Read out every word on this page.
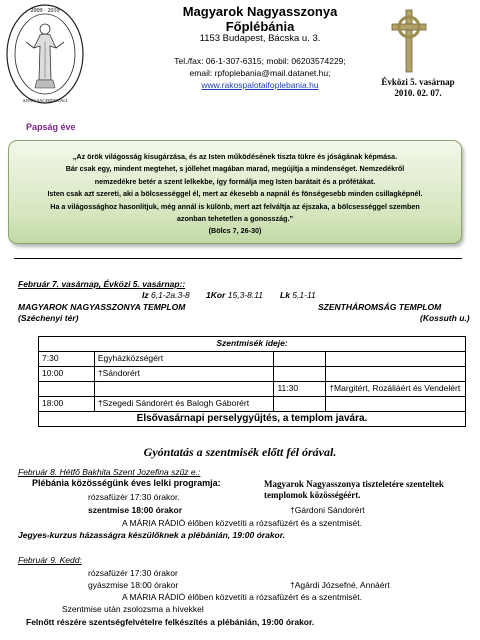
2009 · 2010
ANNO SACERDOTALI
Magyarok Nagyasszonya Főplébánia
1153 Budapest, Bácska u. 3.
Tel./fax: 06-1-307-6315; mobil: 06203574229;
email: rpfoplebania@mail.datanet.hu;
www.rakospalotaifoplebania.hu	Évközi 5. vasárnap
2010. 02. 07.
Papság éve
„Az örök világosság kisugárzása, és az Isten működésének tiszta tükre és jóságának képmása.
Bár csak egy, mindent megtehet, s jóllehet magában marad, megújítja a mindenséget. Nemzedékről
nemzedékre betér a szent lelkekbe, így formálja meg Isten barátait és a prófétákat.
Isten csak azt szereti, aki a bölcsességgel él, mert az ékesebb a napnál és fönségesebb minden csillagképnél.
Ha a világossághoz hasonlítjuk, még annál is különb, mert azt felváltja az éjszaka, a bölcsességgel szemben
azonban tehetetlen a gonosszág.”
(Bölcs 7, 26-30)
Február 7. vasárnap, Évközi 5. vasárnap::
Iz 6,1-2a.3-8 1Kor 15,3-8.11 Lk 5,1-11
MAGYAROK NAGYASSZONYA TEMPLOM
(Széchenyi tér)
SZENTHÁROMSÁG TEMPLOM
(Kossuth u.)
Szentmisék ideje:			
7:30	Egyházközségért		
10:00	†Sándorért		
		11:30	†Margitért, Rozáliáért és Vendelért
18:00	†Szegedi Sándorért és Balogh Gáborért		
Elsővasárnapi perselygyűjtés, a templom javára.			
Gyóntatás a szentmisék előtt fél órával.
Február 8. Hétfő Bakhita Szent Jozefina szűz e.:
Plébánia közösségünk éves lelki programja:
rózsafüzér 17:30 órakor.
szentmise 18:00 órakor
Magyarok Nagyasszonya tiszteletére szenteltek templomok közösségéért.
†Gárdoni Sándorért
A MÁRIA RÁDIÓ élőben közvetíti a rózsafüzért és a szentmisét.
Jegyes-kurzus házasságra készülőknek a plébánián, 19:00 órakor.
Február 9. Kedd:
rózsafüzér 17:30 órakor
gyászmise 18:00 órakor	†Agárdi Józsefné, Annáért
A MÁRIA RÁDIÓ élőben közvetíti a rózsafüzért és a szentmisét.
Szentmise után zsolozsma a hívekkel
Felnőtt részére szentségfelvételre felkészítés a plébánián, 19:00 órakor.
